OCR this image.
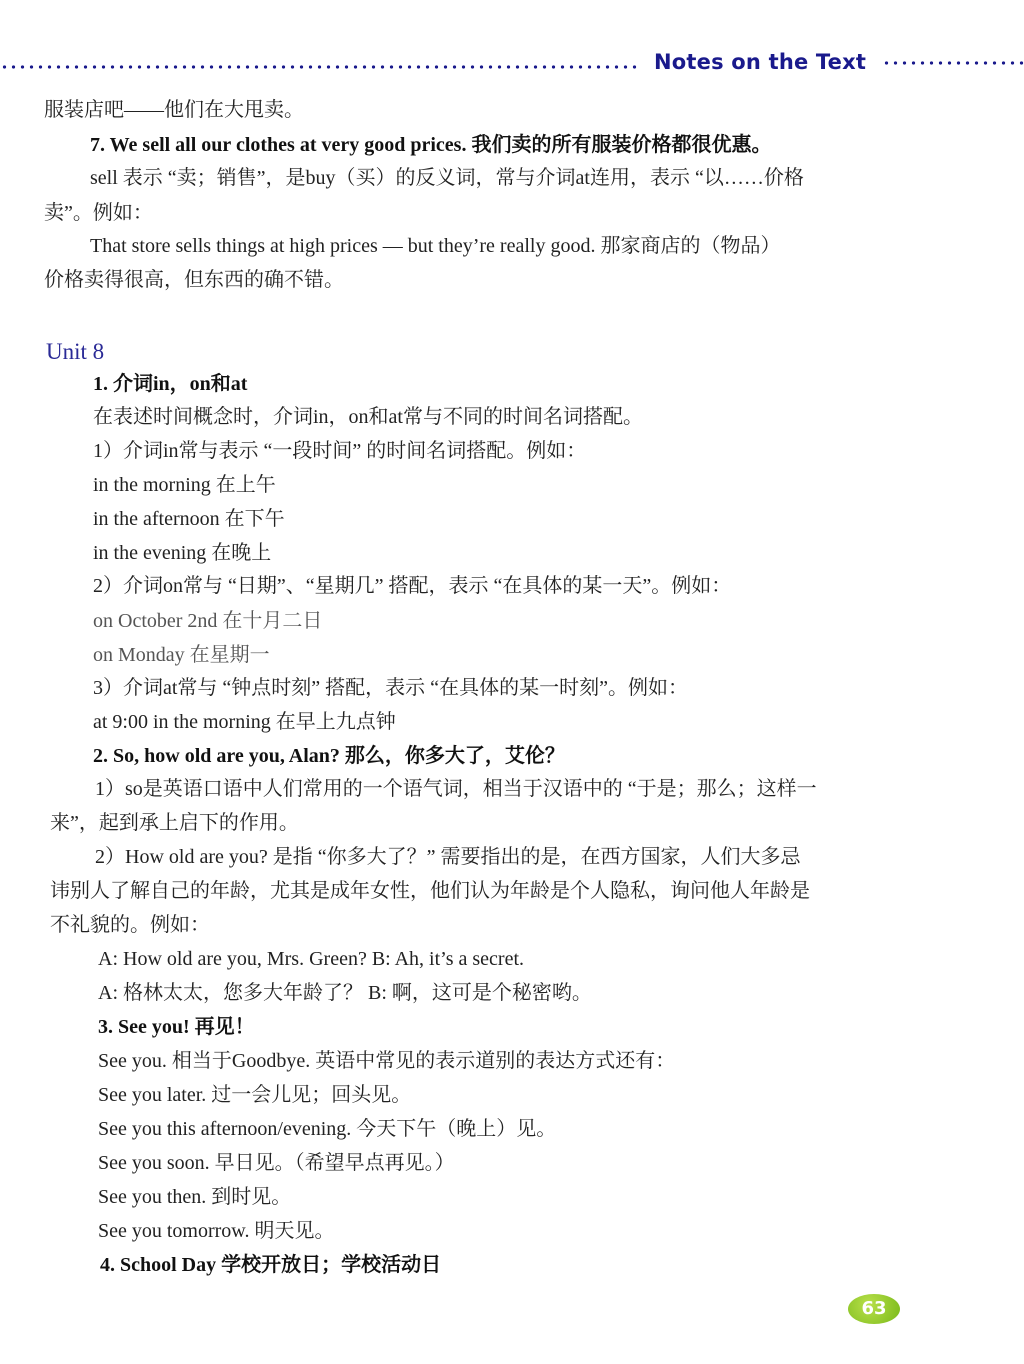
Notes on the Text
服装店吧——他们在大甩卖。
7. We sell all our clothes at very good prices. 我们卖的所有服装价格都很优惠。
sell 表示 “卖；销售”，是buy（买）的反义词，常与介词at连用，表示 “以……价格
卖”。例如：
That store sells things at high prices — but they’re really good. 那家商店的（物品）
价格卖得很高，但东西的确不错。
Unit 8
1. 介词in，on和at
在表述时间概念时，介词in，on和at常与不同的时间名词搭配。
1）介词in常与表示 “一段时间” 的时间名词搭配。例如：
in the morning 在上午
in the afternoon 在下午
in the evening 在晚上
2）介词on常与 “日期”、“星期几” 搭配，表示 “在具体的某一天”。例如：
on October 2nd 在十月二日
on Monday 在星期一
3）介词at常与 “钟点时刻” 搭配，表示 “在具体的某一时刻”。例如：
at 9:00 in the morning 在早上九点钟
2. So, how old are you, Alan? 那么，你多大了，艾伦？
1）so是英语口语中人们常用的一个语气词，相当于汉语中的 “于是；那么；这样一
来”，起到承上启下的作用。
2）How old are you? 是指 “你多大了？” 需要指出的是，在西方国家，人们大多忌
讳别人了解自己的年龄，尤其是成年女性，他们认为年龄是个人隐私，询问他人年龄是
不礼貌的。例如：
A: How old are you, Mrs. Green? B: Ah, it’s a secret.
A: 格林太太，您多大年龄了？ B: 啊，这可是个秘密哟。
3. See you! 再见！
See you. 相当于Goodbye. 英语中常见的表示道别的表达方式还有：
See you later. 过一会儿见；回头见。
See you this afternoon/evening. 今天下午（晚上）见。
See you soon. 早日见。（希望早点再见。）
See you then. 到时见。
See you tomorrow. 明天见。
4. School Day 学校开放日；学校活动日
63
